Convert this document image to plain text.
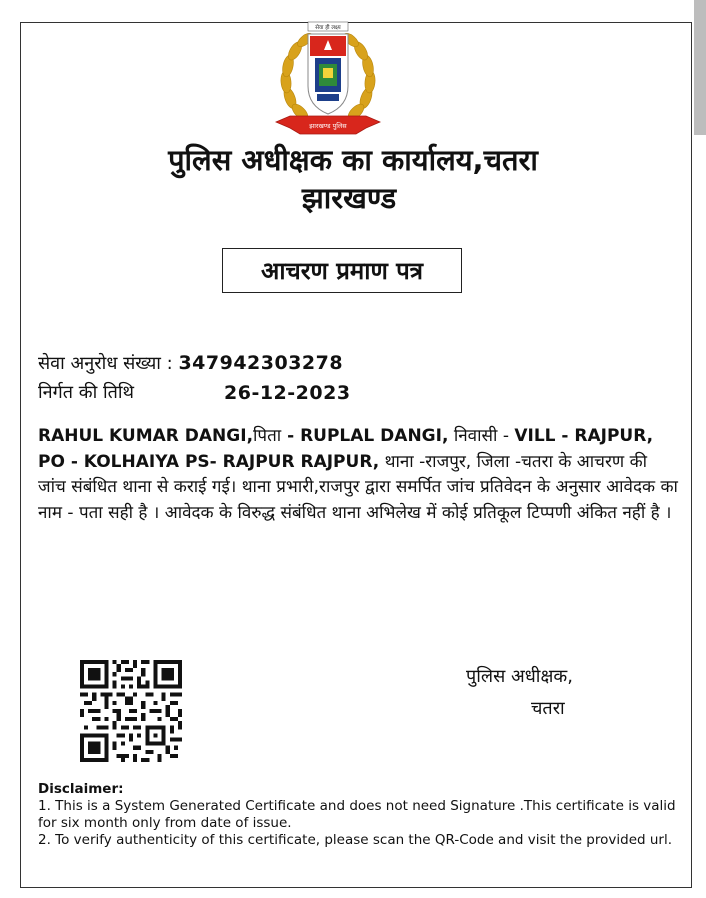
सेवा ही लक्ष्य
झारखण्ड पुलिस
पुलिस अधीक्षक का कार्यालय,चतरा
झारखण्ड
आचरण प्रमाण पत्र
सेवा अनुरोध संख्या : 347942303278
निर्गत की तिथि	26-12-2023
RAHUL KUMAR DANGI,पिता - RUPLAL DANGI, निवासी - VILL - RAJPUR, PO - KOLHAIYA PS- RAJPUR RAJPUR, थाना -राजपुर, जिला -चतरा के आचरण की जांच संबंधित थाना से कराई गई। थाना प्रभारी,राजपुर द्वारा समर्पित जांच प्रतिवेदन के अनुसार आवेदक का नाम - पता सही है । आवेदक के विरुद्ध संबंधित थाना अभिलेख में कोई प्रतिकूल टिप्पणी अंकित नहीं है ।
पुलिस अधीक्षक,
चतरा
Disclaimer:
1. This is a System Generated Certificate and does not need Signature .This certificate is valid for six month only from date of issue.
2. To verify authenticity of this certificate, please scan the QR-Code and visit the provided url.
